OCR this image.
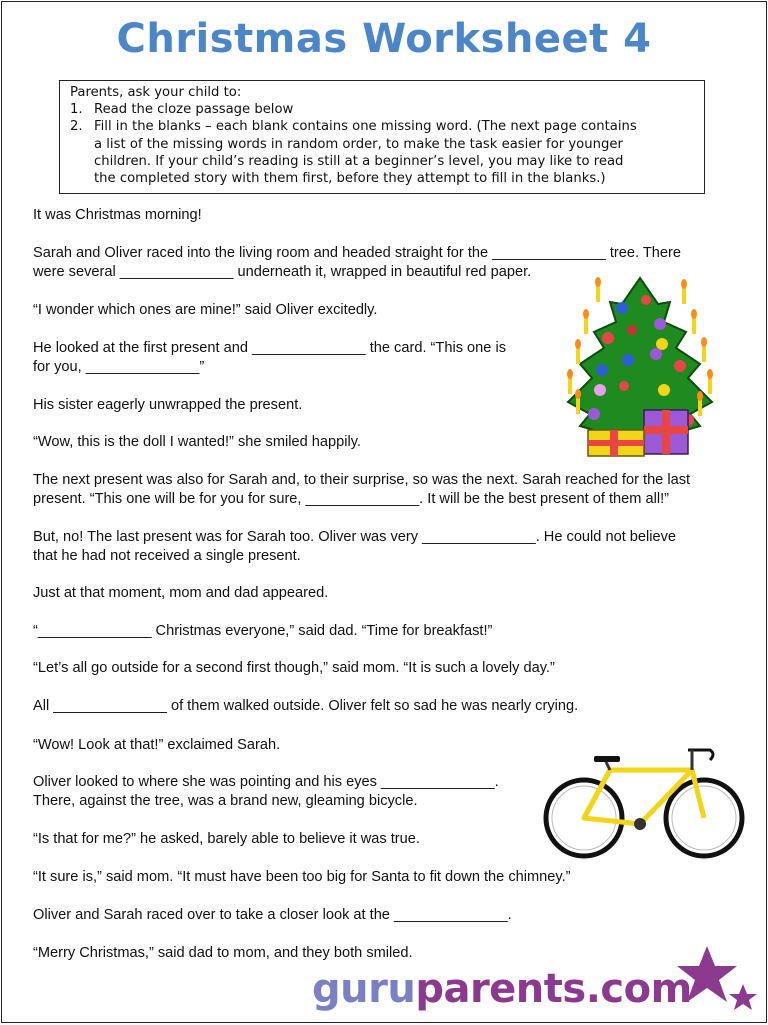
Christmas Worksheet 4
Parents, ask your child to:
1. Read the cloze passage below
2. Fill in the blanks – each blank contains one missing word. (The next page contains
a list of the missing words in random order, to make the task easier for younger
children. If your child’s reading is still at a beginner’s level, you may like to read
the completed story with them first, before they attempt to fill in the blanks.)
It was Christmas morning!
Sarah and Oliver raced into the living room and headed straight for the ______________ tree. There
were several ______________ underneath it, wrapped in beautiful red paper.
“I wonder which ones are mine!” said Oliver excitedly.
He looked at the first present and ______________ the card. “This one is
for you, ______________”
His sister eagerly unwrapped the present.
“Wow, this is the doll I wanted!” she smiled happily.
The next present was also for Sarah and, to their surprise, so was the next. Sarah reached for the last
present. “This one will be for you for sure, ______________. It will be the best present of them all!”
But, no! The last present was for Sarah too. Oliver was very ______________. He could not believe
that he had not received a single present.
Just at that moment, mom and dad appeared.
“______________ Christmas everyone,” said dad. “Time for breakfast!”
“Let’s all go outside for a second first though,” said mom. “It is such a lovely day.”
All ______________ of them walked outside. Oliver felt so sad he was nearly crying.
“Wow! Look at that!” exclaimed Sarah.
Oliver looked to where she was pointing and his eyes ______________.
There, against the tree, was a brand new, gleaming bicycle.
“Is that for me?” he asked, barely able to believe it was true.
“It sure is,” said mom. “It must have been too big for Santa to fit down the chimney.”
Oliver and Sarah raced over to take a closer look at the ______________.
“Merry Christmas,” said dad to mom, and they both smiled.
guruparents.com
